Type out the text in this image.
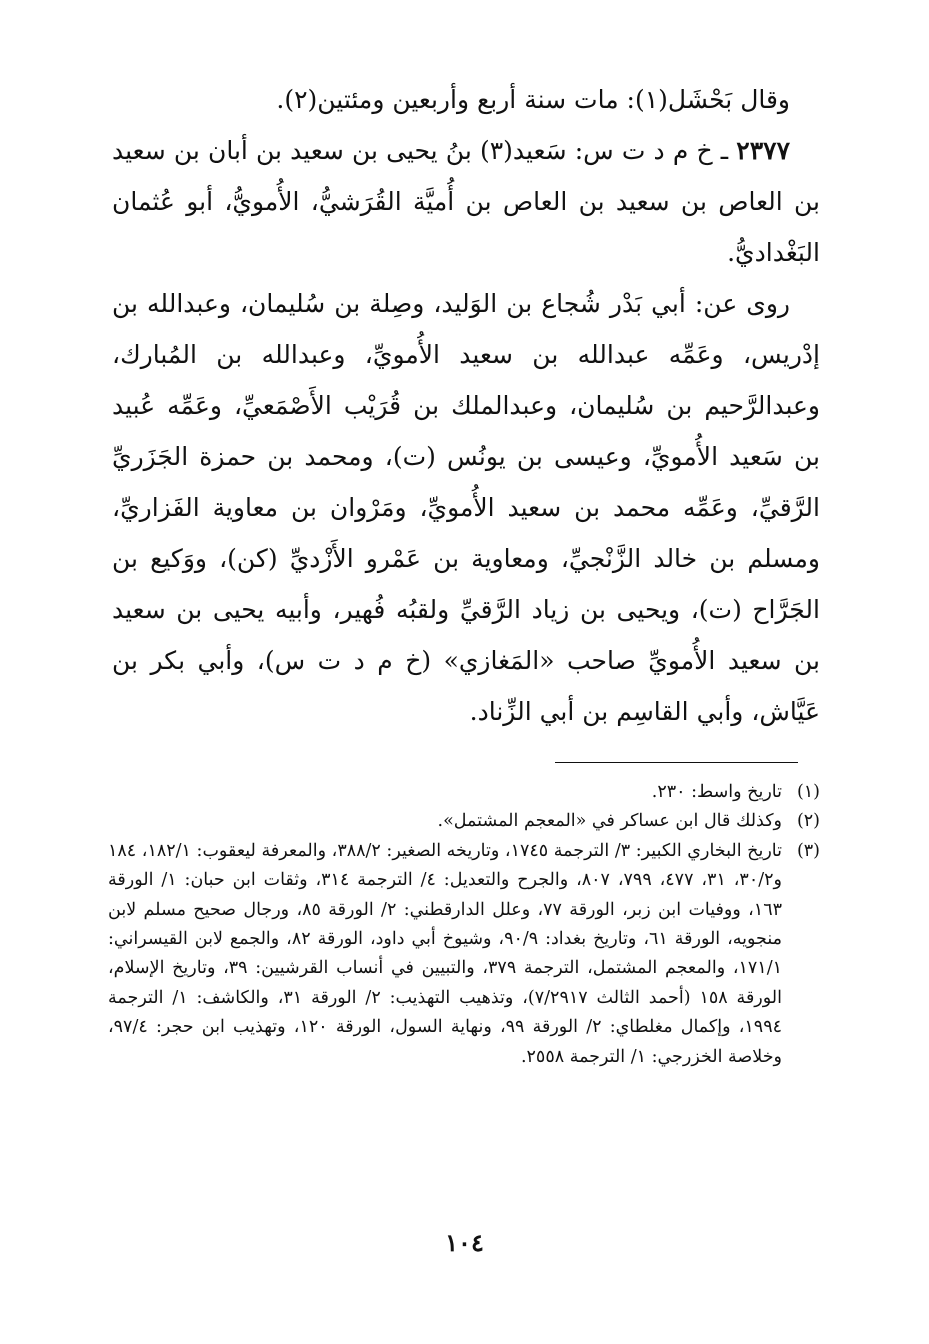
وقال بَحْشَل(١): مات سنة أربع وأربعين ومئتين(٢).

٢٣٧٧ ـ خ م د ت س: سَعيد(٣) بنُ يحيى بن سعيد بن أبان بن سعيد بن العاص بن سعيد بن العاص بن أُميَّة القُرَشيُّ، الأُمويُّ، أبو عُثمان البَغْداديُّ.

روى عن: أبي بَدْر شُجاع بن الوَليد، وصِلة بن سُليمان، وعبدالله بن إدْريس، وعَمِّه عبدالله بن سعيد الأُمويِّ، وعبدالله بن المُبارك، وعبدالرَّحيم بن سُليمان، وعبدالملك بن قُرَيْب الأَصْمَعيِّ، وعَمِّه عُبيد بن سَعيد الأُمويِّ، وعيسى بن يونُس (ت)، ومحمد بن حمزة الجَزَريِّ الرَّقيِّ، وعَمِّه محمد بن سعيد الأُمويِّ، ومَرْوان بن معاوية الفَزاريِّ، ومسلم بن خالد الزَّنْجيِّ، ومعاوية بن عَمْرو الأَزْديِّ (كن)، ووَكيع بن الجَرَّاح (ت)، ويحيى بن زياد الرَّقيِّ ولقبُه فُهير، وأبيه يحيى بن سعيد بن سعيد الأُمويِّ صاحب «المَغازي» (خ م د ت س)، وأبي بكر بن عَيَّاش، وأبي القاسِم بن أبي الزِّناد.

(١)
تاريخ واسط: ٢٣٠.
(٢)
وكذلك قال ابن عساكر في «المعجم المشتمل».
(٣)
تاريخ البخاري الكبير: ٣/ الترجمة ١٧٤٥، وتاريخه الصغير: ٣٨٨/٢، والمعرفة ليعقوب: ١٨٢/١، ١٨٤ و٣٠/٢، ٣١، ٤٧٧، ٧٩٩، ٨٠٧، والجرح والتعديل: ٤/ الترجمة ٣١٤، وثقات ابن حبان: ١/ الورقة ١٦٣، ووفيات ابن زبر، الورقة ٧٧، وعلل الدارقطني: ٢/ الورقة ٨٥، ورجال صحيح مسلم لابن منجويه، الورقة ٦١، وتاريخ بغداد: ٩٠/٩، وشيوخ أبي داود، الورقة ٨٢، والجمع لابن القيسراني: ١٧١/١، والمعجم المشتمل، الترجمة ٣٧٩، والتبيين في أنساب القرشيين: ٣٩، وتاريخ الإسلام، الورقة ١٥٨ (أحمد الثالث ٧/٢٩١٧)، وتذهيب التهذيب: ٢/ الورقة ٣١، والكاشف: ١/ الترجمة ١٩٩٤، وإكمال مغلطاي: ٢/ الورقة ٩٩، ونهاية السول، الورقة ١٢٠، وتهذيب ابن حجر: ٩٧/٤، وخلاصة الخزرجي: ١/ الترجمة ٢٥٥٨.
١٠٤
